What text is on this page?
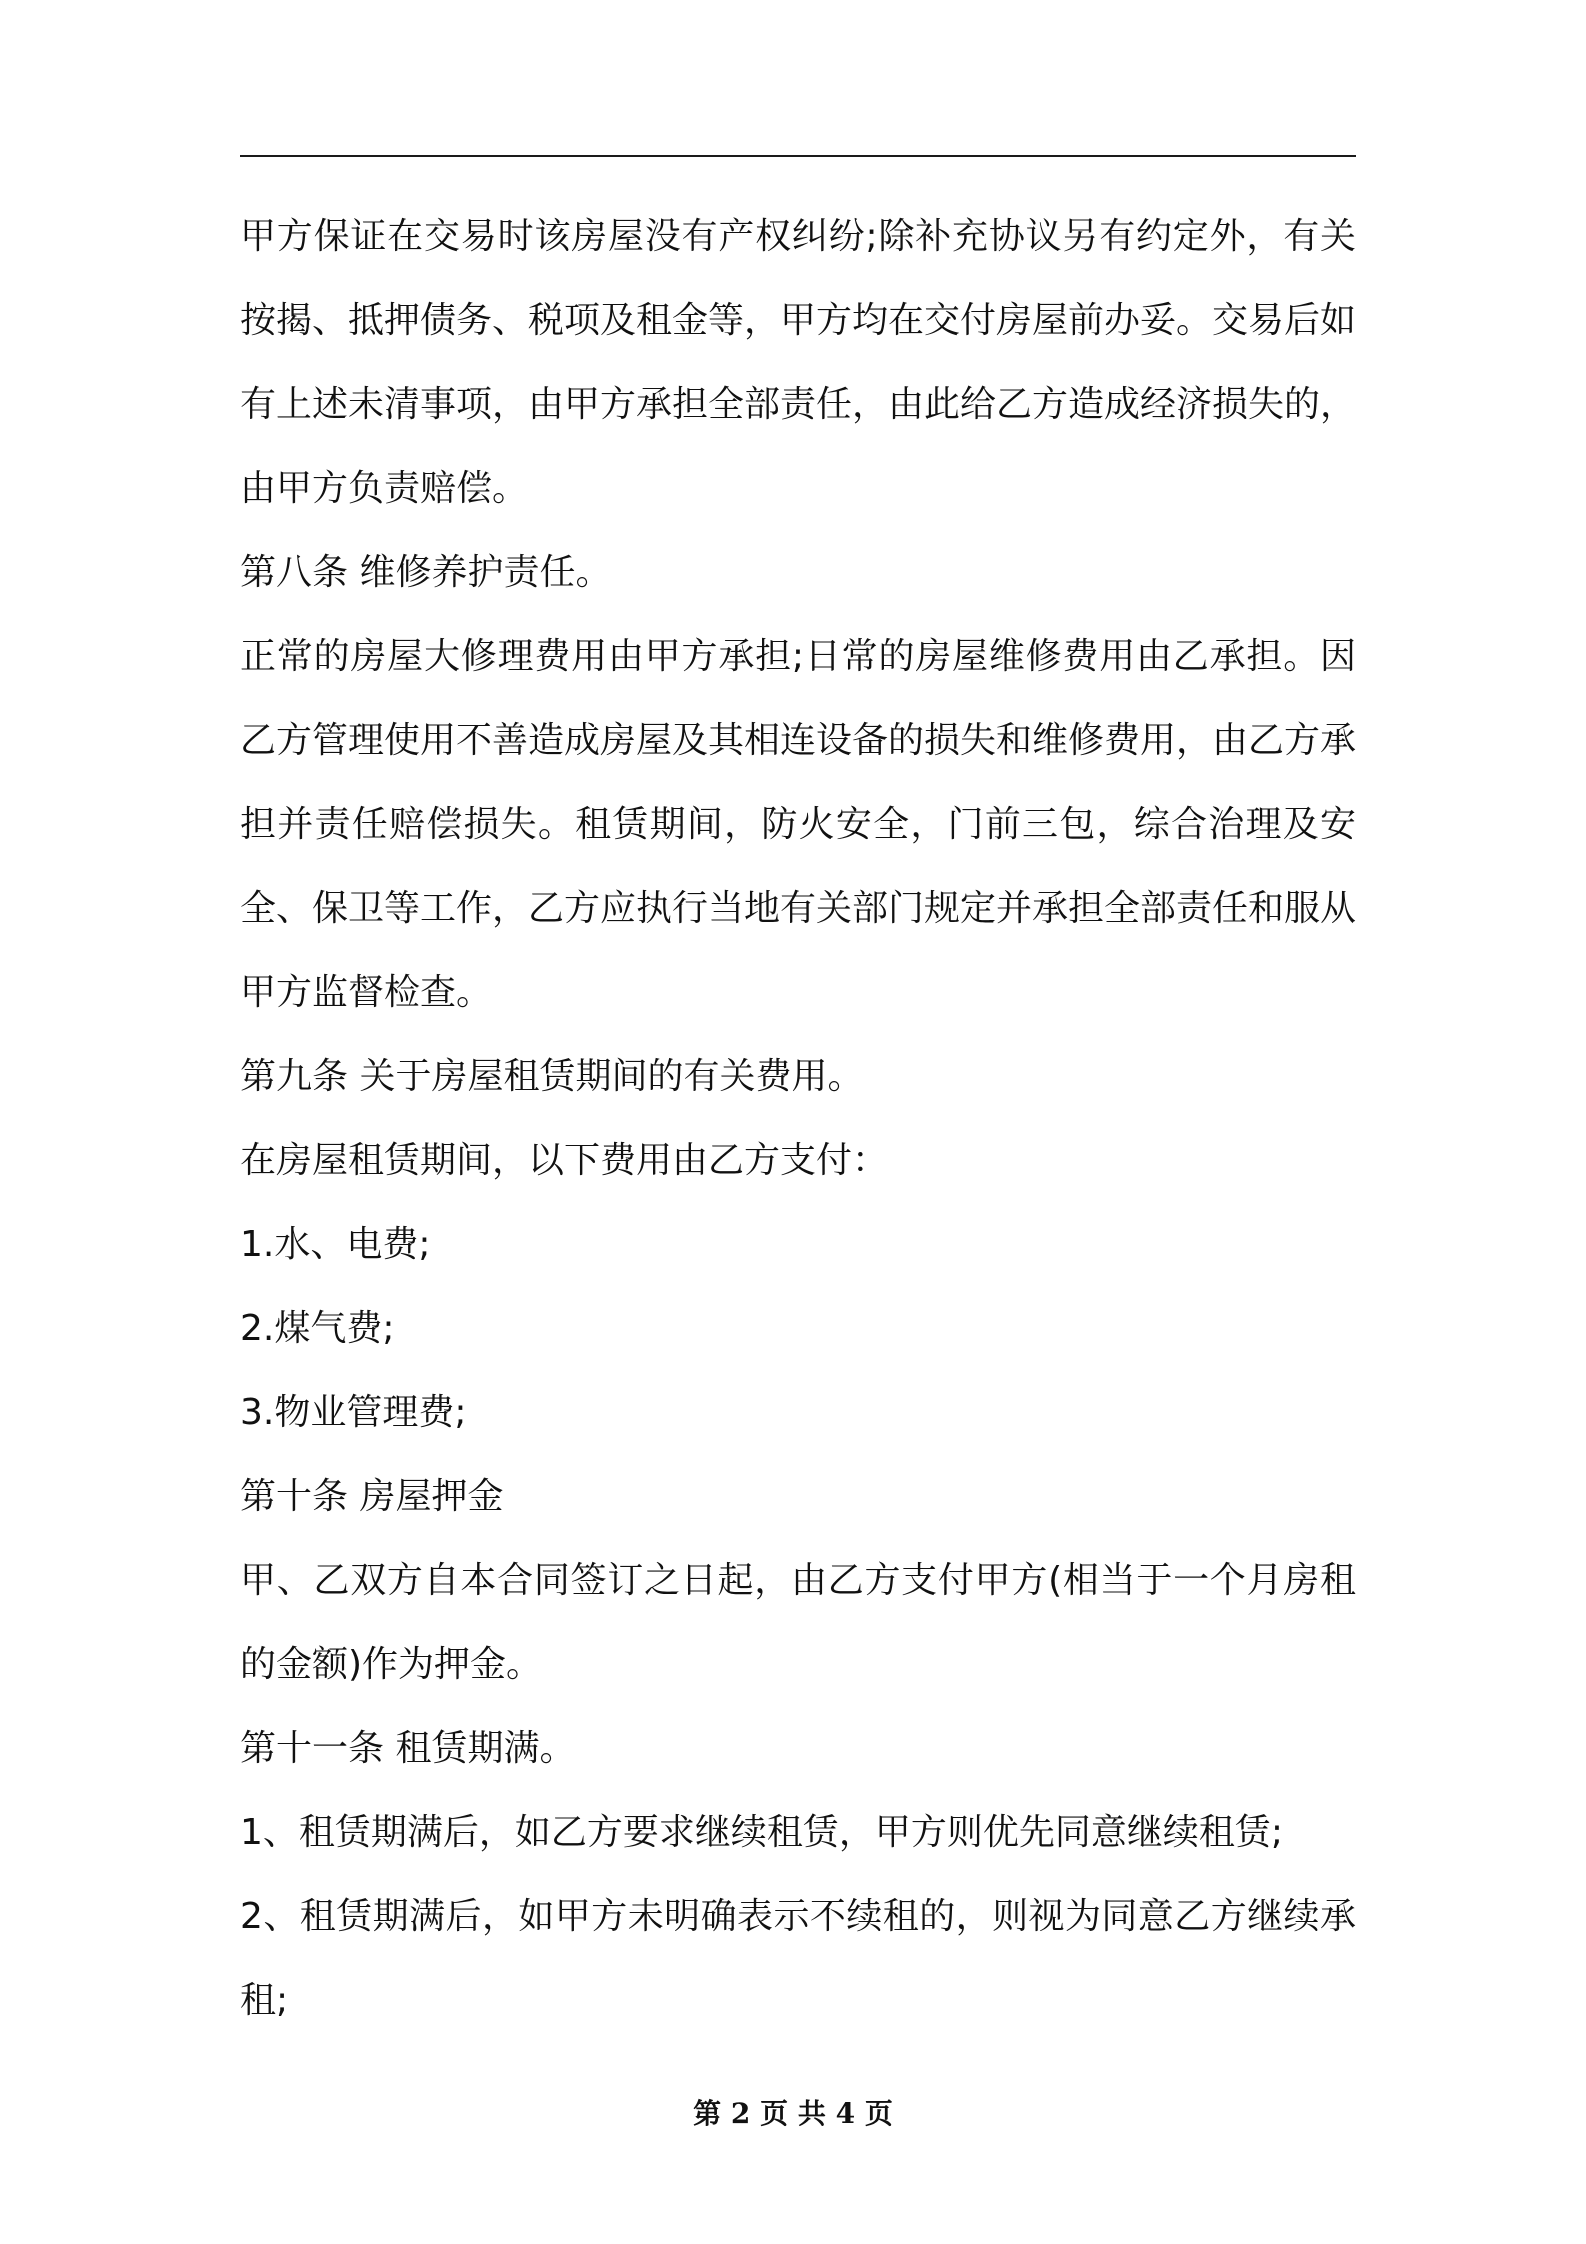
甲方保证在交易时该房屋没有产权纠纷;除补充协议另有约定外，有关按揭、抵押债务、税项及租金等，甲方均在交付房屋前办妥。交易后如有上述未清事项，由甲方承担全部责任，由此给乙方造成经济损失的，由甲方负责赔偿。

第八条 维修养护责任。

正常的房屋大修理费用由甲方承担;日常的房屋维修费用由乙承担。因乙方管理使用不善造成房屋及其相连设备的损失和维修费用，由乙方承担并责任赔偿损失。租赁期间，防火安全，门前三包，综合治理及安全、保卫等工作，乙方应执行当地有关部门规定并承担全部责任和服从甲方监督检查。

第九条 关于房屋租赁期间的有关费用。

在房屋租赁期间，以下费用由乙方支付：

1.水、电费;

2.煤气费;

3.物业管理费;

第十条 房屋押金

甲、乙双方自本合同签订之日起，由乙方支付甲方(相当于一个月房租的金额)作为押金。

第十一条 租赁期满。

1、租赁期满后，如乙方要求继续租赁，甲方则优先同意继续租赁;

2、租赁期满后，如甲方未明确表示不续租的，则视为同意乙方继续承租;

第 2 页 共 4 页
